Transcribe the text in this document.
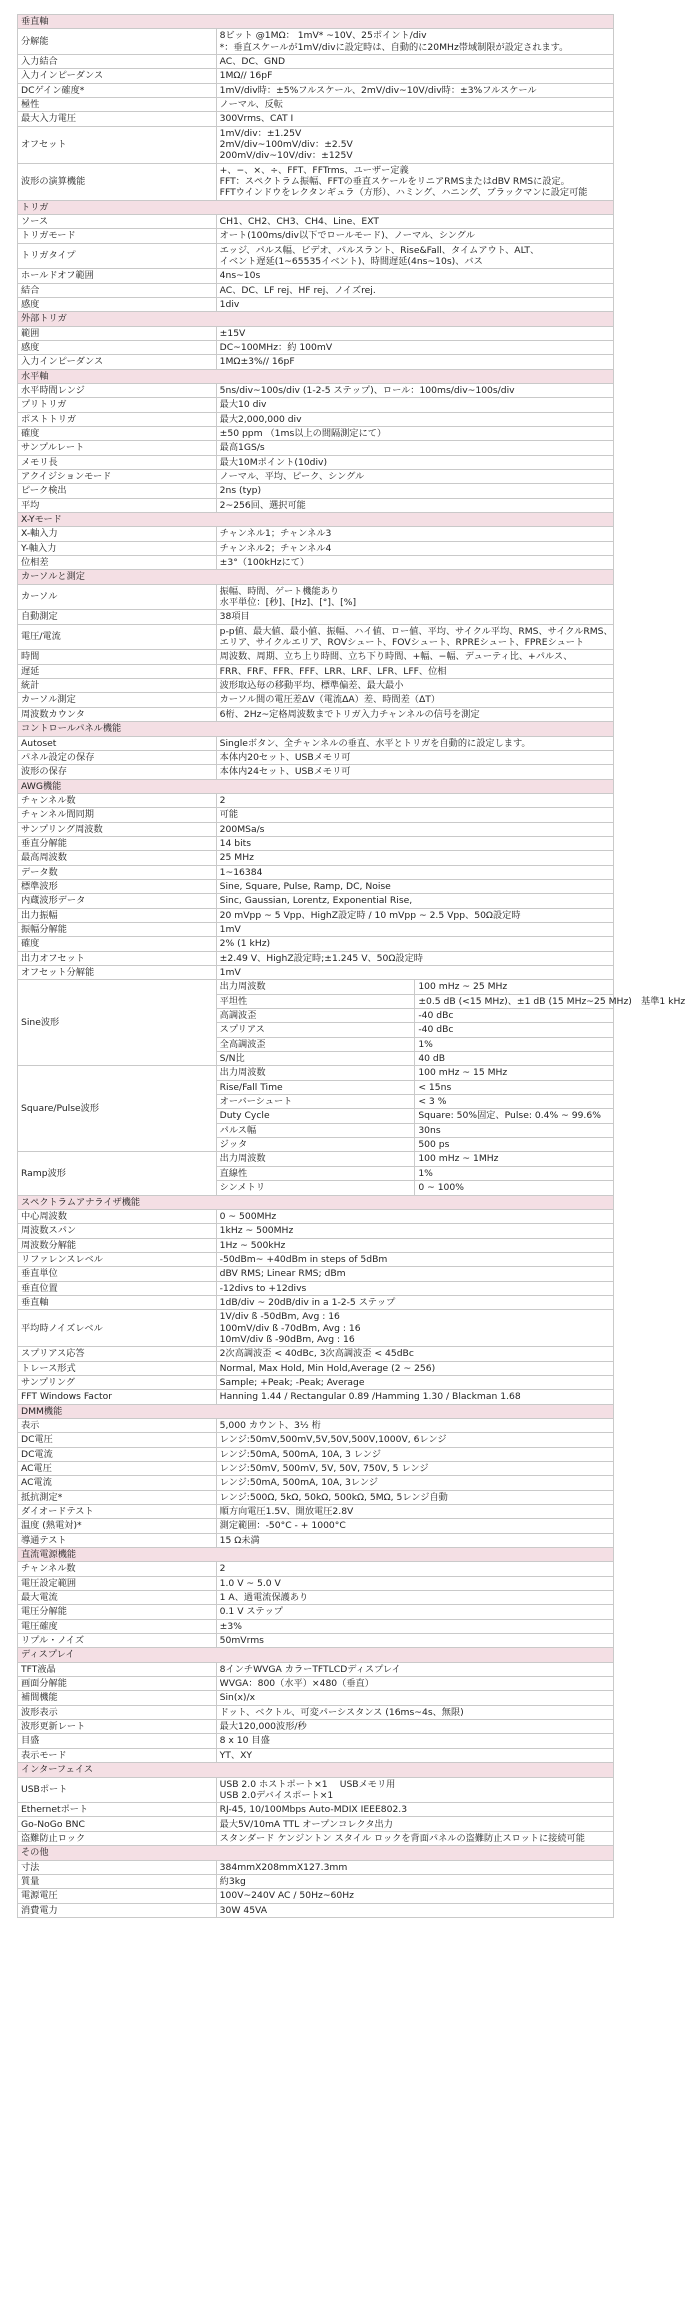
垂直軸		
分解能	8ビット @1MΩ： 1mV* ~10V、25ポイント/div
*：垂直スケールが1mV/divに設定時は、自動的に20MHz帯域制限が設定されます。	
入力結合	AC、DC、GND	
入力インピーダンス	1MΩ// 16pF	
DCゲイン確度*	1mV/div時：±5%フルスケール、2mV/div~10V/div時：±3%フルスケール	
極性	ノーマル、反転	
最大入力電圧	300Vrms、CAT Ⅰ	
オフセット	1mV/div：±1.25V
2mV/div~100mV/div：±2.5V
200mV/div~10V/div：±125V	
波形の演算機能	+、−、×、÷、FFT、FFTrms、ユーザー定義
FFT：スペクトラム振幅、FFTの垂直スケールをリニアRMSまたはdBV RMSに設定。
FFTウインドウをレクタンギュラ（方形）、ハミング、ハニング、ブラックマンに設定可能	
トリガ		
ソース	CH1、CH2、CH3、CH4、Line、EXT	
トリガモード	オート(100ms/div以下でロールモード)、ノーマル、シングル	
トリガタイプ	エッジ、パルス幅、ビデオ、パルスラント、Rise&Fall、タイムアウト、ALT、
イベント遅延(1~65535イベント)、時間遅延(4ns~10s)、バス	
ホールドオフ範囲	4ns~10s	
結合	AC、DC、LF rej、HF rej、ノイズrej.	
感度	1div	
外部トリガ		
範囲	±15V	
感度	DC~100MHz：約 100mV	
入力インピーダンス	1MΩ±3%// 16pF	
水平軸		
水平時間レンジ	5ns/div~100s/div (1-2-5 ステップ)、ロール：100ms/div~100s/div	
プリトリガ	最大10 div	
ポストトリガ	最大2,000,000 div	
確度	±50 ppm （1ms以上の間隔測定にて）	
サンプルレート	最高1GS/s	
メモリ長	最大10Mポイント(10div)	
アクイジションモード	ノーマル、平均、ピーク、シングル	
ピーク検出	2ns (typ)	
平均	2~256回、選択可能	
X-Yモード		
X-軸入力	チャンネル1；チャンネル3	
Y-軸入力	チャンネル2；チャンネル4	
位相差	±3°（100kHzにて）	
カーソルと測定		
カーソル	振幅、時間、ゲート機能あり
水平単位：[秒]、[Hz]、[°]、[%]	
自動測定	38項目	
電圧/電流	p-p値、最大値、最小値、振幅、ハイ値、ロー値、平均、サイクル平均、RMS、サイクルRMS、
エリア、サイクルエリア、ROVシュート、FOVシュート、RPREシュート、FPREシュート	
時間	周波数、周期、立ち上り時間、立ち下り時間、+幅、−幅、デューティ比、+パルス、	
遅延	FRR、FRF、FFR、FFF、LRR、LRF、LFR、LFF、位相	
統計	波形取込毎の移動平均、標準偏差、最大最小	
カーソル測定	カーソル間の電圧差ΔV（電流ΔA）差、時間差（ΔT）	
周波数カウンタ	6桁、2Hz~定格周波数までトリガ入力チャンネルの信号を測定	
コントロールパネル機能		
Autoset	Singleボタン、全チャンネルの垂直、水平とトリガを自動的に設定します。	
パネル設定の保存	本体内20セット、USBメモリ可	
波形の保存	本体内24セット、USBメモリ可	
AWG機能		
チャンネル数	2	
チャンネル間同期	可能	
サンプリング周波数	200MSa/s	
垂直分解能	14 bits	
最高周波数	25 MHz	
データ数	1~16384	
標準波形	Sine, Square, Pulse, Ramp, DC, Noise	
内蔵波形データ	Sinc, Gaussian, Lorentz, Exponential Rise,	
出力振幅	20 mVpp ~ 5 Vpp、HighZ設定時 / 10 mVpp ~ 2.5 Vpp、50Ω設定時	
振幅分解能	1mV	
確度	2% (1 kHz)	
出力オフセット	±2.49 V、HighZ設定時;±1.245 V、50Ω設定時	
オフセット分解能	1mV	
Sine波形	出力周波数	100 mHz ~ 25 MHz
	平坦性	±0.5 dB (<15 MHz)、±1 dB (15 MHz~25 MHz)　基準1 kHz
	高調波歪	-40 dBc
	スプリアス	-40 dBc
	全高調波歪	1%
	S/N比	40 dB
Square/Pulse波形	出力周波数	100 mHz ~ 15 MHz
	Rise/Fall Time	< 15ns
	オーバーシュート	< 3 %
	Duty Cycle	Square: 50%固定、Pulse: 0.4% ~ 99.6%
	パルス幅	30ns
	ジッタ	500 ps
Ramp波形	出力周波数	100 mHz ~ 1MHz
	直線性	1%
	シンメトリ	0 ~ 100%
スペクトラムアナライザ機能		
中心周波数	0 ~ 500MHz	
周波数スパン	1kHz ~ 500MHz	
周波数分解能	1Hz ~ 500kHz	
リファレンスレベル	-50dBm~ +40dBm in steps of 5dBm	
垂直単位	dBV RMS; Linear RMS; dBm	
垂直位置	-12divs to +12divs	
垂直軸	1dB/div ~ 20dB/div in a 1-2-5 ステップ	
平均時ノイズレベル	1V/div ß -50dBm, Avg : 16
100mV/div ß -70dBm, Avg : 16
10mV/div ß -90dBm, Avg : 16	
スプリアス応答	2次高調波歪 < 40dBc, 3次高調波歪 < 45dBc	
トレース形式	Normal, Max Hold, Min Hold,Average (2 ~ 256)	
サンプリング	Sample; +Peak; -Peak; Average	
FFT Windows Factor	Hanning 1.44 / Rectangular 0.89 /Hamming 1.30 / Blackman 1.68	
DMM機能		
表示	5,000 カウント、3½ 桁	
DC電圧	レンジ:50mV,500mV,5V,50V,500V,1000V, 6レンジ	
DC電流	レンジ:50mA, 500mA, 10A, 3 レンジ	
AC電圧	レンジ:50mV, 500mV, 5V, 50V, 750V, 5 レンジ	
AC電流	レンジ:50mA, 500mA, 10A, 3レンジ	
抵抗測定*	レンジ:500Ω, 5kΩ, 50kΩ, 500kΩ, 5MΩ, 5レンジ自動	
ダイオードテスト	順方向電圧1.5V、開放電圧2.8V	
温度 (熱電対)*	測定範囲：-50°C - + 1000°C	
導通テスト	15 Ω未満	
直流電源機能		
チャンネル数	2	
電圧設定範囲	1.0 V ~ 5.0 V	
最大電流	1 A、過電流保護あり	
電圧分解能	0.1 V ステップ	
電圧確度	±3%	
リプル・ノイズ	50mVrms	
ディスプレイ		
TFT液晶	8インチWVGA カラーTFTLCDディスプレイ	
画面分解能	WVGA：800（水平）×480（垂直）	
補間機能	Sin(x)/x	
波形表示	ドット、ベクトル、可変パーシスタンス (16ms~4s、無限)	
波形更新レート	最大120,000波形/秒	
目盛	8 x 10 目盛	
表示モード	YT、XY	
インターフェイス		
USBポート	USB 2.0 ホストポート×1　 USBメモリ用
USB 2.0デバイスポート×1	
Ethernetポート	RJ-45, 10/100Mbps Auto-MDIX IEEE802.3	
Go-NoGo BNC	最大5V/10mA TTL オープンコレクタ出力	
盗難防止ロック	スタンダード ケンジントン スタイル ロックを背面パネルの盗難防止スロットに接続可能	
その他		
寸法	384mmX208mmX127.3mm	
質量	約3kg	
電源電圧	100V~240V AC / 50Hz~60Hz	
消費電力	30W 45VA	
